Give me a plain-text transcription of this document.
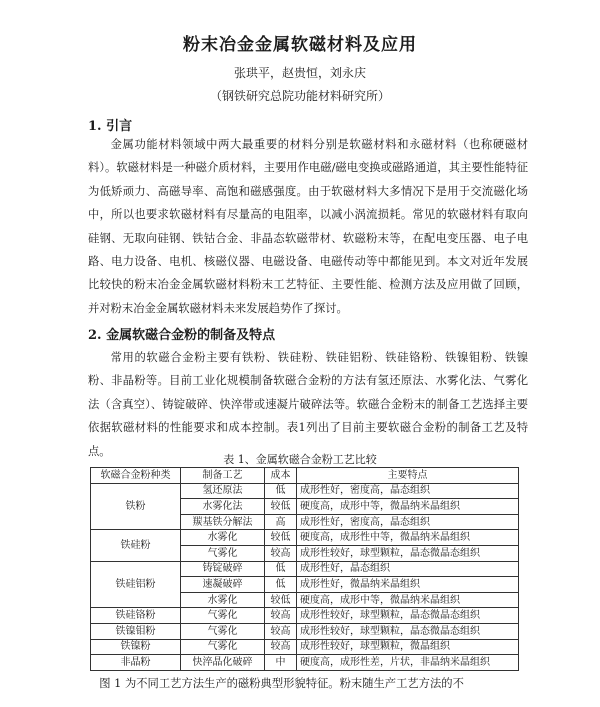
粉末冶金金属软磁材料及应用
张珙平，赵贵恒，刘永庆
（钢铁研究总院功能材料研究所）
1. 引言

金属功能材料领域中两大最重要的材料分别是软磁材料和永磁材料（也称硬磁材料）。软磁材料是一种磁介质材料，主要用作电磁/磁电变换或磁路通道，其主要性能特征为低矫顽力、高磁导率、高饱和磁感强度。由于软磁材料大多情况下是用于交流磁化场中，所以也要求软磁材料有尽量高的电阻率，以减小涡流损耗。常见的软磁材料有取向硅钢、无取向硅钢、铁钴合金、非晶态软磁带材、软磁粉末等，在配电变压器、电子电路、电力设备、电机、核磁仪器、电磁设备、电磁传动等中都能见到。本文对近年发展比较快的粉末冶金金属软磁材料粉末工艺特征、主要性能、检测方法及应用做了回顾，并对粉末冶金金属软磁材料未来发展趋势作了探讨。

2. 金属软磁合金粉的制备及特点

常用的软磁合金粉主要有铁粉、铁硅粉、铁硅铝粉、铁硅铬粉、铁镍钼粉、铁镍粉、非晶粉等。目前工业化规模制备软磁合金粉的方法有氢还原法、水雾化法、气雾化法（含真空）、铸锭破碎、快淬带或速凝片破碎法等。软磁合金粉末的制备工艺选择主要依据软磁材料的性能要求和成本控制。表1列出了目前主要软磁合金粉的制备工艺及特点。

表 1、金属软磁合金粉工艺比较
软磁合金粉种类	制备工艺	成本	主要特点
铁粉	氢还原法	低	成形性好，密度高，晶态组织
	水雾化法	较低	硬度高，成形中等，微晶纳米晶组织
	羰基铁分解法	高	成形性好，密度高，晶态组织
铁硅粉	水雾化	较低	硬度高，成形性中等，微晶纳米晶组织
	气雾化	较高	成形性较好，球型颗粒，晶态微晶态组织
铁硅铝粉	铸锭破碎	低	成形性好，晶态组织
	速凝破碎	低	成形性好，微晶纳米晶组织
	水雾化	较低	硬度高，成形中等，微晶纳米晶组织
铁硅铬粉	气雾化	较高	成形性较好，球型颗粒，晶态微晶态组织
铁镍钼粉	气雾化	较高	成形性较好，球型颗粒，晶态微晶态组织
铁镍粉	气雾化	较高	成形性较好，球型颗粒，微晶组织
非晶粉	快淬晶化破碎	中	硬度高，成形性差，片状，非晶纳米晶组织

图 1 为不同工艺方法生产的磁粉典型形貌特征。粉末随生产工艺方法的不
